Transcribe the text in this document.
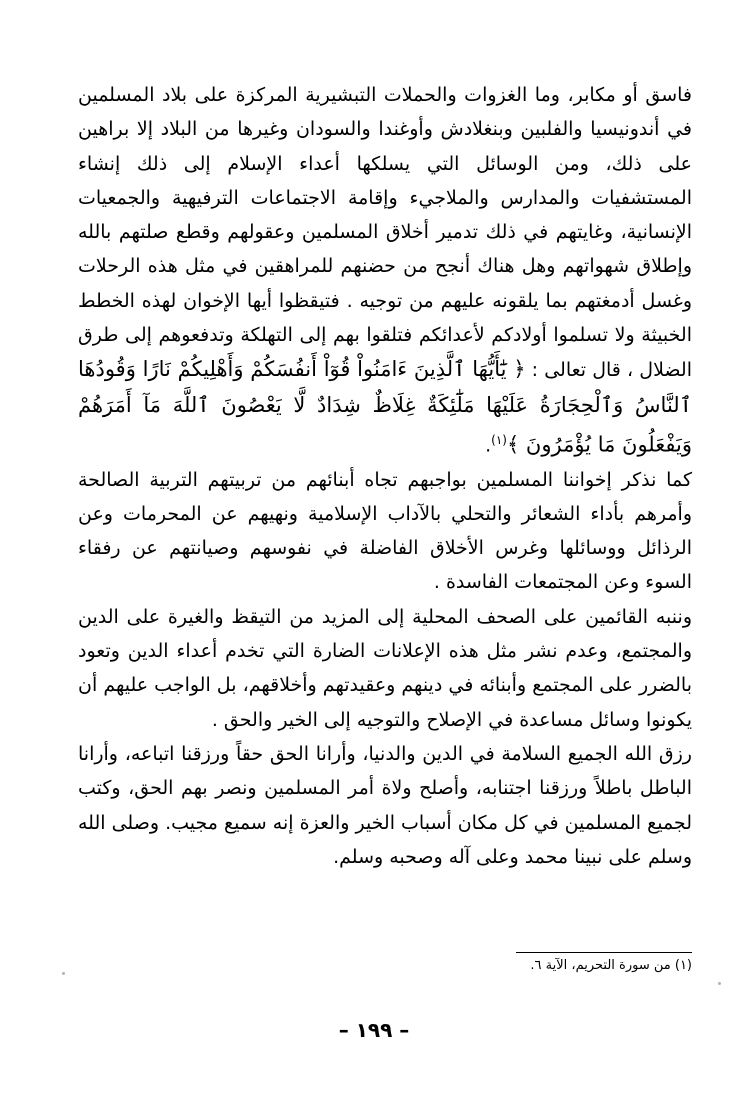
فاسق أو مكابر، وما الغزوات والحملات التبشيرية المركزة على بلاد المسلمين في أندونيسيا والفلبين وبنغلادش وأوغندا والسودان وغيرها من البلاد إلا براهين على ذلك، ومن الوسائل التي يسلكها أعداء الإسلام إلى ذلك إنشاء المستشفيات والمدارس والملاجيء وإقامة الاجتماعات الترفيهية والجمعيات الإنسانية، وغايتهم في ذلك تدمير أخلاق المسلمين وعقولهم وقطع صلتهم بالله وإطلاق شهواتهم وهل هناك أنجح من حضنهم للمراهقين في مثل هذه الرحلات وغسل أدمغتهم بما يلقونه عليهم من توجيه . فتيقظوا أيها الإخوان لهذه الخطط الخبيثة ولا تسلموا أولادكم لأعدائكم فتلقوا بهم إلى التهلكة وتدفعوهم إلى طرق الضلال ، قال تعالى : ﴿ يَٰٓأَيُّهَا ٱلَّذِينَ ءَامَنُواْ قُوٓاْ أَنفُسَكُمْ وَأَهْلِيكُمْ نَارًا وَقُودُهَا ٱلنَّاسُ وَٱلْحِجَارَةُ عَلَيْهَا مَلَٰٓئِكَةٌ غِلَاظٌ شِدَادٌ لَّا يَعْصُونَ ٱللَّهَ مَآ أَمَرَهُمْ وَيَفْعَلُونَ مَا يُؤْمَرُونَ ﴾$^{(١)}$.

كما نذكر إخواننا المسلمين بواجبهم تجاه أبنائهم من تربيتهم التربية الصالحة وأمرهم بأداء الشعائر والتحلي بالآداب الإسلامية ونهيهم عن المحرمات وعن الرذائل ووسائلها وغرس الأخلاق الفاضلة في نفوسهم وصيانتهم عن رفقاء السوء وعن المجتمعات الفاسدة .

وننبه القائمين على الصحف المحلية إلى المزيد من التيقظ والغيرة على الدين والمجتمع، وعدم نشر مثل هذه الإعلانات الضارة التي تخدم أعداء الدين وتعود بالضرر على المجتمع وأبنائه في دينهم وعقيدتهم وأخلاقهم، بل الواجب عليهم أن يكونوا وسائل مساعدة في الإصلاح والتوجيه إلى الخير والحق .

رزق الله الجميع السلامة في الدين والدنيا، وأرانا الحق حقاً ورزقنا اتباعه، وأرانا الباطل باطلاً ورزقنا اجتنابه، وأصلح ولاة أمر المسلمين ونصر بهم الحق، وكتب لجميع المسلمين في كل مكان أسباب الخير والعزة إنه سميع مجيب. وصلى الله وسلم على نبينا محمد وعلى آله وصحبه وسلم.

(١) من سورة التحريم، الآية ٦.
– ١٩٩ –
